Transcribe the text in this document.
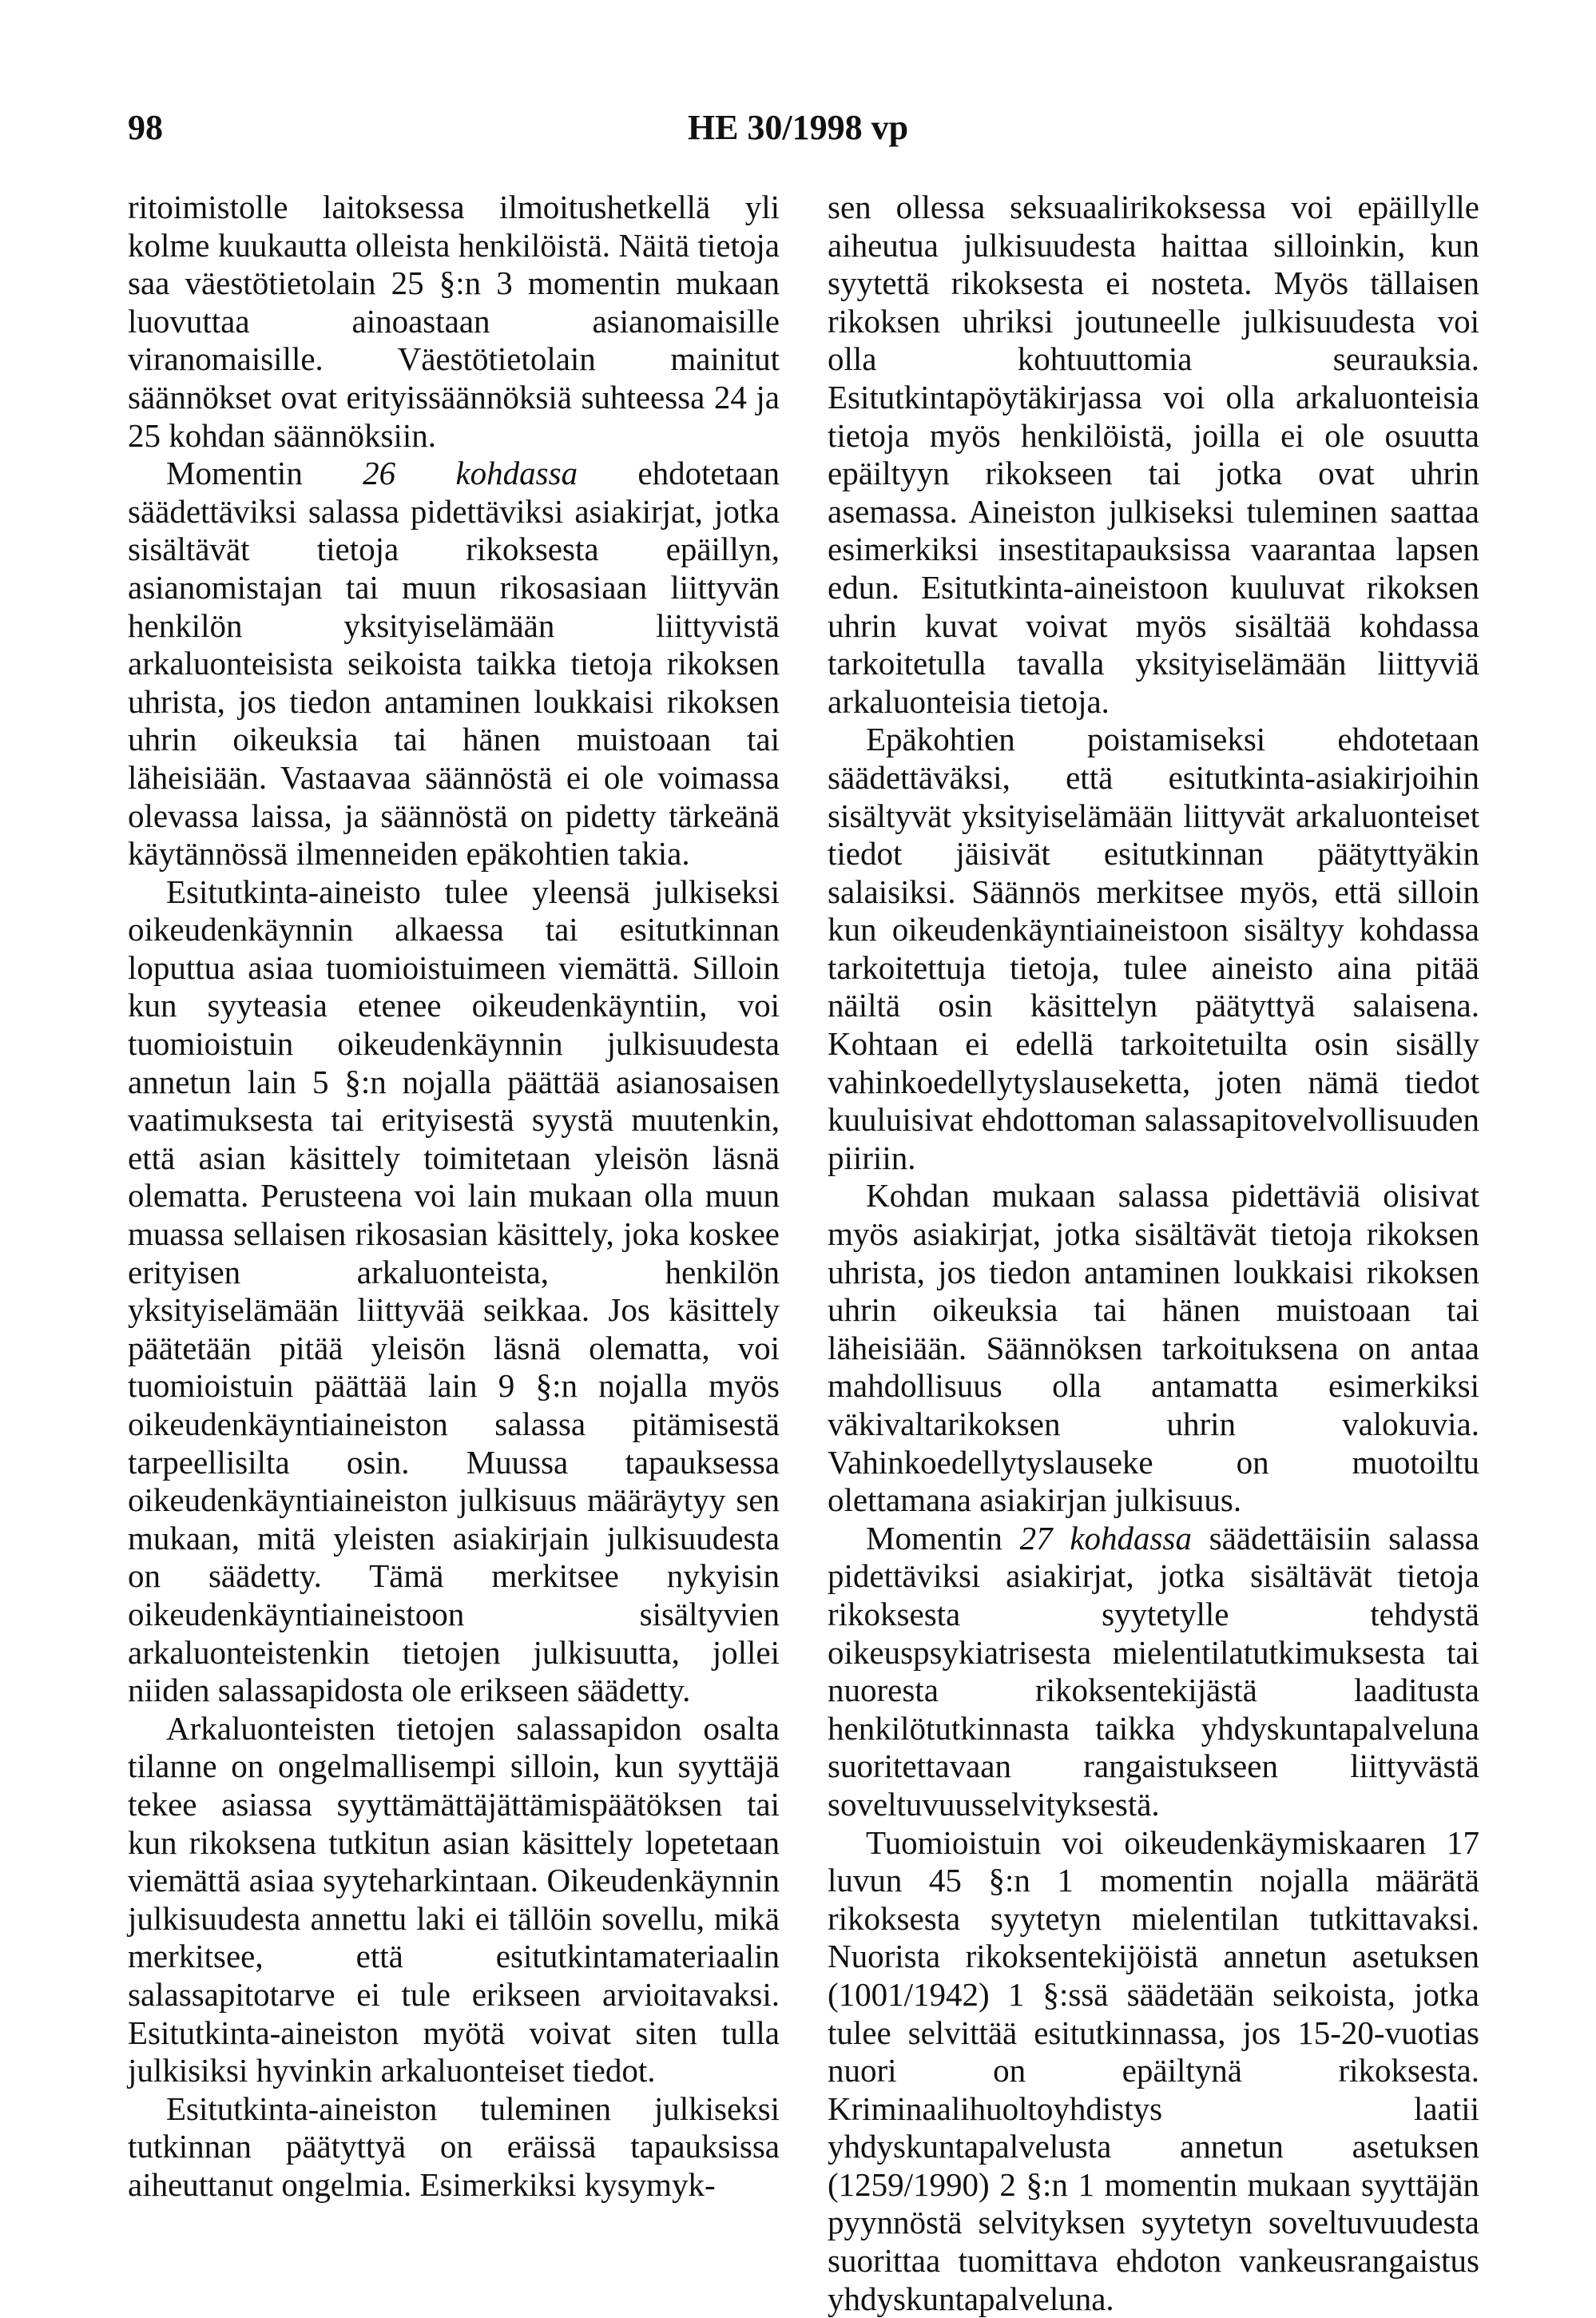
98	HE 30/1998 vp

ritoimistolle laitoksessa ilmoitushetkellä yli kolme kuukautta olleista henkilöistä. Näitä tietoja saa väestötietolain 25 §:n 3 momentin mukaan luovuttaa ainoastaan asianomaisille viranomaisille. Väestötietolain mainitut säännökset ovat erityissäännöksiä suhteessa 24 ja 25 kohdan säännöksiin.

Momentin 26 kohdassa ehdotetaan säädettäviksi salassa pidettäviksi asiakirjat, jotka sisältävät tietoja rikoksesta epäillyn, asianomistajan tai muun rikosasiaan liittyvän henkilön yksityiselämään liittyvistä arkaluonteisista seikoista taikka tietoja rikoksen uhrista, jos tiedon antaminen loukkaisi rikoksen uhrin oikeuksia tai hänen muistoaan tai läheisiään. Vastaavaa säännöstä ei ole voimassa olevassa laissa, ja säännöstä on pidetty tärkeänä käytännössä ilmenneiden epäkohtien takia.

Esitutkinta-aineisto tulee yleensä julkiseksi oikeudenkäynnin alkaessa tai esitutkinnan loputtua asiaa tuomioistuimeen viemättä. Silloin kun syyteasia etenee oikeudenkäyntiin, voi tuomioistuin oikeudenkäynnin julkisuudesta annetun lain 5 §:n nojalla päättää asianosaisen vaatimuksesta tai erityisestä syystä muutenkin, että asian käsittely toimitetaan yleisön läsnä olematta. Perusteena voi lain mukaan olla muun muassa sellaisen rikosasian käsittely, joka koskee erityisen arkaluonteista, henkilön yksityiselämään liittyvää seikkaa. Jos käsittely päätetään pitää yleisön läsnä olematta, voi tuomioistuin päättää lain 9 §:n nojalla myös oikeudenkäyntiaineiston salassa pitämisestä tarpeellisilta osin. Muussa tapauksessa oikeudenkäyntiaineiston julkisuus määräytyy sen mukaan, mitä yleisten asiakirjain julkisuudesta on säädetty. Tämä merkitsee nykyisin oikeudenkäyntiaineistoon sisältyvien arkaluonteistenkin tietojen julkisuutta, jollei niiden salassapidosta ole erikseen säädetty.

Arkaluonteisten tietojen salassapidon osalta tilanne on ongelmallisempi silloin, kun syyttäjä tekee asiassa syyttämättäjättämispäätöksen tai kun rikoksena tutkitun asian käsittely lopetetaan viemättä asiaa syyteharkintaan. Oikeudenkäynnin julkisuudesta annettu laki ei tällöin sovellu, mikä merkitsee, että esitutkintamateriaalin salassapitotarve ei tule erikseen arvioitavaksi. Esitutkinta-aineiston myötä voivat siten tulla julkisiksi hyvinkin arkaluonteiset tiedot.

Esitutkinta-aineiston tuleminen julkiseksi tutkinnan päätyttyä on eräissä tapauksissa aiheuttanut ongelmia. Esimerkiksi kysymyk-

sen ollessa seksuaalirikoksessa voi epäillylle aiheutua julkisuudesta haittaa silloinkin, kun syytettä rikoksesta ei nosteta. Myös tällaisen rikoksen uhriksi joutuneelle julkisuudesta voi olla kohtuuttomia seurauksia. Esitutkintapöytäkirjassa voi olla arkaluonteisia tietoja myös henkilöistä, joilla ei ole osuutta epäiltyyn rikokseen tai jotka ovat uhrin asemassa. Aineiston julkiseksi tuleminen saattaa esimerkiksi insestitapauksissa vaarantaa lapsen edun. Esitutkinta-aineistoon kuuluvat rikoksen uhrin kuvat voivat myös sisältää kohdassa tarkoitetulla tavalla yksityiselämään liittyviä arkaluonteisia tietoja.

Epäkohtien poistamiseksi ehdotetaan säädettäväksi, että esitutkinta-asiakirjoihin sisältyvät yksityiselämään liittyvät arkaluonteiset tiedot jäisivät esitutkinnan päätyttyäkin salaisiksi. Säännös merkitsee myös, että silloin kun oikeudenkäyntiaineistoon sisältyy kohdassa tarkoitettuja tietoja, tulee aineisto aina pitää näiltä osin käsittelyn päätyttyä salaisena. Kohtaan ei edellä tarkoitetuilta osin sisälly vahinkoedellytyslauseketta, joten nämä tiedot kuuluisivat ehdottoman salassapitovelvollisuuden piiriin.

Kohdan mukaan salassa pidettäviä olisivat myös asiakirjat, jotka sisältävät tietoja rikoksen uhrista, jos tiedon antaminen loukkaisi rikoksen uhrin oikeuksia tai hänen muistoaan tai läheisiään. Säännöksen tarkoituksena on antaa mahdollisuus olla antamatta esimerkiksi väkivaltarikoksen uhrin valokuvia. Vahinkoedellytyslauseke on muotoiltu olettamana asiakirjan julkisuus.

Momentin 27 kohdassa säädettäisiin salassa pidettäviksi asiakirjat, jotka sisältävät tietoja rikoksesta syytetylle tehdystä oikeuspsykiatrisesta mielentilatutkimuksesta tai nuoresta rikoksentekijästä laaditusta henkilötutkinnasta taikka yhdyskuntapalveluna suoritettavaan rangaistukseen liittyvästä soveltuvuusselvityksestä.

Tuomioistuin voi oikeudenkäymiskaaren 17 luvun 45 §:n 1 momentin nojalla määrätä rikoksesta syytetyn mielentilan tutkittavaksi. Nuorista rikoksentekijöistä annetun asetuksen (1001/1942) 1 §:ssä säädetään seikoista, jotka tulee selvittää esitutkinnassa, jos 15-20-vuotias nuori on epäiltynä rikoksesta. Kriminaalihuoltoyhdistys laatii yhdyskuntapalvelusta annetun asetuksen (1259/1990) 2 §:n 1 momentin mukaan syyttäjän pyynnöstä selvityksen syytetyn soveltuvuudesta suorittaa tuomittava ehdoton vankeusrangaistus yhdyskuntapalveluna.
